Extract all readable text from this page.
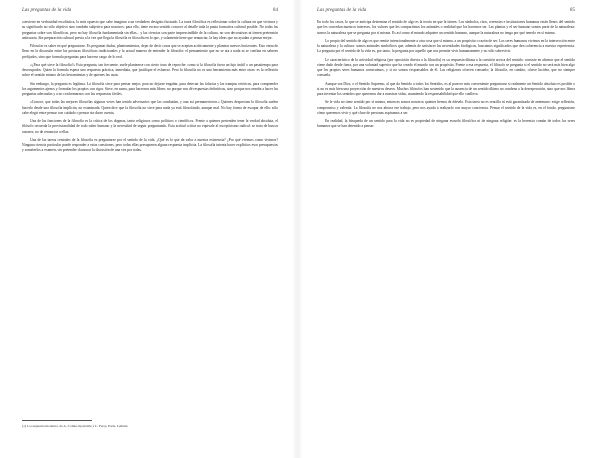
Las preguntas de la vida	84

convierte en verbosidad escolástica, lo más opuesto que cabe imaginar a un verdadero designio ilustrado. La tarea filosófica es reflexionar sobre la cultura en que vivimos y su significado no sólo objetivo sino también subjetivo para nosotros: para ello, tiene escaso sentido conocer al detalle toda la pauta formativa cultural posible. No todas las preguntas sobre son filosóficas, pero no hay filosofía fundamentada sin ellas... y las ciencias son parte imprescindible de la cultura, no son decorativas ni tienen pretensión anticuaria. Sin preparación cultural previa a la vez que llega la filosofía es filosofía en lo que, y solamente tiene que renunciar, la hay ideas que no ayudan a pensar mejor.

Filosofar es saber en qué preguntarse. Es preguntar dudas, planteamientos, dejar de decir cosas que se aceptan acríticamente y plantear nuevos horizontes. Esto entra de lleno en la discusión entre las posturas filosóficas tradicionales y la actual manera de entender la filosofía: el pensamiento que no se ata a nada ni se confina en saberes prefijados, sino que formula preguntas para hacerse cargo de lo real.

«¿Para qué sirve la filosofía?» Esta pregunta, tan frecuente, suele plantearse con cierto tono de reproche: como si la filosofía fuera un lujo inútil o un pasatiempo para desocupados. Quien la formula espera una respuesta práctica, inmediata, que justifique el esfuerzo. Pero la filosofía no es una herramienta más entre otras: es la reflexión sobre el sentido mismo de las herramientas y de quienes las usan.

Sin embargo, la pregunta es legítima. La filosofía sirve para pensar mejor, para no dejarse engañar, para detectar las falacias y las trampas retóricas, para comprender los argumentos ajenos y formular los propios con rigor. Sirve, en suma, para hacernos más libres: no porque nos dé respuestas definitivas, sino porque nos enseña a hacer las preguntas adecuadas y a no conformarnos con las respuestas fáciles.

«Conoce, que todas las mejores filosofías algunas veces han tenido adversarios que las combatían, y aun así permanecieron.» Quienes desprecian la filosofía suelen hacerlo desde una filosofía implícita, no examinada. Quien dice que la filosofía no sirve para nada ya está filosofando, aunque mal. No hay forma de escapar de ella: sólo cabe elegir entre pensar con cuidado o pensar sin darse cuenta.

Una de las funciones de la filosofía es la crítica de los dogmas, tanto religiosos como políticos o científicos. Frente a quienes pretenden tener la verdad absoluta, el filósofo recuerda la provisionalidad de todo saber humano y la necesidad de seguir preguntando. Esta actitud crítica no equivale al escepticismo radical: se trata de buscar razones, no de renunciar a ellas.

Una de las tareas centrales de la filosofía es preguntarse por el sentido de la vida. ¿Qué es lo que da valor a nuestra existencia? ¿Por qué vivimos como vivimos? Ninguna ciencia particular puede responder a estas cuestiones, pero todas ellas presuponen alguna respuesta implícita. La filosofía intenta hacer explícitos esos presupuestos y someterlos a examen, sin pretender clausurar la discusión de una vez por todas.

(1) La respuesta moderna, de A. Comte-Sponville y L. Ferry, París, Leibniz.
Las preguntas de la vida	85

En todo los casos, lo que se anticipa determina el sentido de algo es la teoría en que la tienen. Los símbolos, ritos, creencias e instituciones humanas están llenos del sentido que les concedan nuestros intereses, los valores que les compartimos los animales o realidad que los hacemos ser. Las plantas y el ser humano somos parte de la naturaleza: somos la naturaleza que se pregunta por sí misma. Es así como el mundo adquiere un sentido humano, aunque la naturaleza no tenga por qué tenerlo en sí misma.

Lo propio del sentido de algo es que remite intencionalmente a otra cosa que sí misma, a un propósito o razón de ser. Los seres humanos vivimos en la intersección entre la naturaleza y la cultura: somos animales simbólicos que, además de satisfacer las necesidades biológicas, buscamos significados que den coherencia a nuestra experiencia. La pregunta por el sentido de la vida es, por tanto, la pregunta por aquello que nos permite vivir humanamente y no sólo sobrevivir.

Le característico de la actividad religiosa (por oposición directa a la filosofía) es su respuesta última a la cuestión acerca del sentido: consiste en afirmar que el sentido viene dado desde fuera, por una voluntad superior que ha creado el mundo con un propósito. Frente a esa respuesta, el filósofo se pregunta si el sentido no será más bien algo que los propios seres humanos construimos, y si no somos responsables de él. Las religiones ofrecen consuelo; la filosofía, en cambio, ofrece lucidez, que no siempre consuela.

Aunque sea Dios, o el Sentido Supremo, al que da Sentido a todos los Sentidos, es al parecer más conveniente preguntarse si realmente un Sentido absoluto es posible o si no es más bien una proyección de nuestros deseos. Muchos filósofos han sostenido que la ausencia de un sentido último no condena a la desesperación, sino que nos libera para inventar los sentidos que queremos dar a nuestras vidas, asumiendo la responsabilidad que ello conlleva.

Se le vida no tiene sentido por sí misma, entonces somos nosotros quienes hemos de dárselo. Esta tarea no es sencilla ni está garantizada de antemano: exige reflexión, compromiso y valentía. La filosofía no nos ahorra ese trabajo, pero nos ayuda a realizarlo con mayor conciencia. Pensar el sentido de la vida es, en el fondo, preguntarse cómo queremos vivir y qué clase de personas aspiramos a ser.

En realidad, la búsqueda de un sentido para la vida no es propiedad de ninguna escuela filosófica ni de ninguna religión: es la herencia común de todos los seres humanos que se han detenido a pensar.
